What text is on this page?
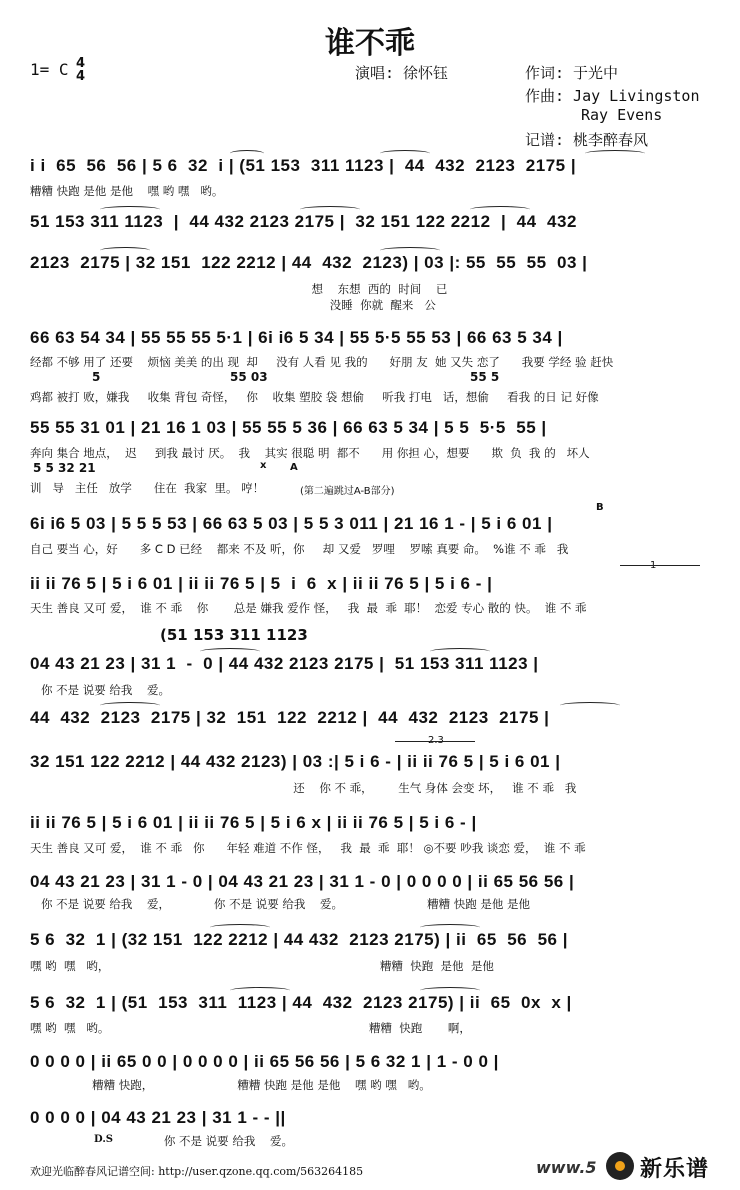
谁不乖
1= C 4
4	演唱: 徐怀钰	作词: 于光中
作曲: Jay Livingston
Ray Evens
记谱: 桃李醉春风
i i  65  56  56 | 5 6  32  i | (51 153  311 1123 |  44  432  2123  2175 |
糟糟 快跑 是他 是他    嘿 哟 嘿   哟。
51 153 311 1123  |  44 432 2123 2175 |  32 151 122 2212  |  44  432
2123  2175 | 32 151  122 2212 | 44  432  2123) | 03 |: 55  55  55  03 |
想    东想  西的  时间    已
没睡  你就  醒来   公
66 63 54 34 | 55 55 55 5·1 | 6i i6 5 34 | 55 5·5 55 53 | 66 63 5 34 |
经都 不够 用了 还要    烦恼 美美 的出 现  却     没有 人看 见 我的      好朋 友  她 又失 恋了      我要 学经 验 赶快
5	55 03	55 5
鸡都 被打 败，嫌我     收集 背包 奇怪，   你    收集 塑胶 袋 想偷     听我 打电   话，想偷     看我 的日 记 好像
55 55 31 01 | 21 16 1 03 | 55 55 5 36 | 66 63 5 34 | 5 5  5·5  55 |
奔向 集合 地点，  迟     到我 最讨 厌。  我    其实 很聪 明  都不      用 你担 心，想要      欺  负  我 的   坏人
5 5 32 21	x A
训   导   主任   放学      住在  我家  里。 哼！	(第二遍跳过A-B部分)
B
6i i6 5 03 | 5 5 5 53 | 66 63 5 03 | 5 5 3 011 | 21 16 1 - | 5 i 6 01 |
自己 要当 心，好      多 C D 已经    都来 不及 听，你     却 又爱   罗哩    罗嗦 真要 命。  %谁 不 乖   我
1
ii ii 76 5 | 5 i 6 01 | ii ii 76 5 | 5  i  6  x | ii ii 76 5 | 5 i 6 - |
天生 善良 又可 爱，  谁 不 乖    你       总是 嫌我 爱作 怪，   我  最  乖  耶！  恋爱 专心 散的 快。  谁 不 乖
(51 153 311 1123
04 43 21 23 | 31 1  -  0 | 44 432 2123 2175 |  51 153 311 1123 |
你 不是 说要 给我    爱。
44  432  2123  2175 | 32  151  122  2212 |  44  432  2123  2175 |
2.3
32 151 122 2212 | 44 432 2123) | 03 :| 5 i 6 - | ii ii 76 5 | 5 i 6 01 |
还    你 不 乖，       生气 身体 会变 坏，   谁 不 乖   我
ii ii 76 5 | 5 i 6 01 | ii ii 76 5 | 5 i 6 x | ii ii 76 5 | 5 i 6 - |
天生 善良 又可 爱，  谁 不 乖   你      年轻 难道 不作 怪，   我  最  乖  耶！ ◎不要 吵我 谈恋 爱，  谁 不 乖
04 43 21 23 | 31 1 - 0 | 04 43 21 23 | 31 1 - 0 | 0 0 0 0 | ii 65 56 56 |
你 不是 说要 给我    爱，            你 不是 说要 给我    爱。                       糟糟 快跑 是他 是他
5 6  32  1 | (32 151  122 2212 | 44 432  2123 2175) | ii  65  56  56 |
嘿 哟  嘿   哟，                                                                          糟糟  快跑  是他  是他
5 6  32  1 | (51  153  311  1123 | 44  432  2123 2175) | ii  65  0x  x |
嘿 哟  嘿   哟。                                                                       糟糟  快跑       啊，
0 0 0 0 | ii 65 0 0 | 0 0 0 0 | ii 65 56 56 | 5 6 32 1 | 1 - 0 0 |
糟糟 快跑，                       糟糟 快跑 是他 是他    嘿 哟 嘿   哟。
0 0 0 0 | 04 43 21 23 | 31 1 - - ||
D.S 你 不是 说要 给我    爱。
欢迎光临醉春风记谱空间: http://user.qzone.qq.com/563264185	www.5 新乐谱
